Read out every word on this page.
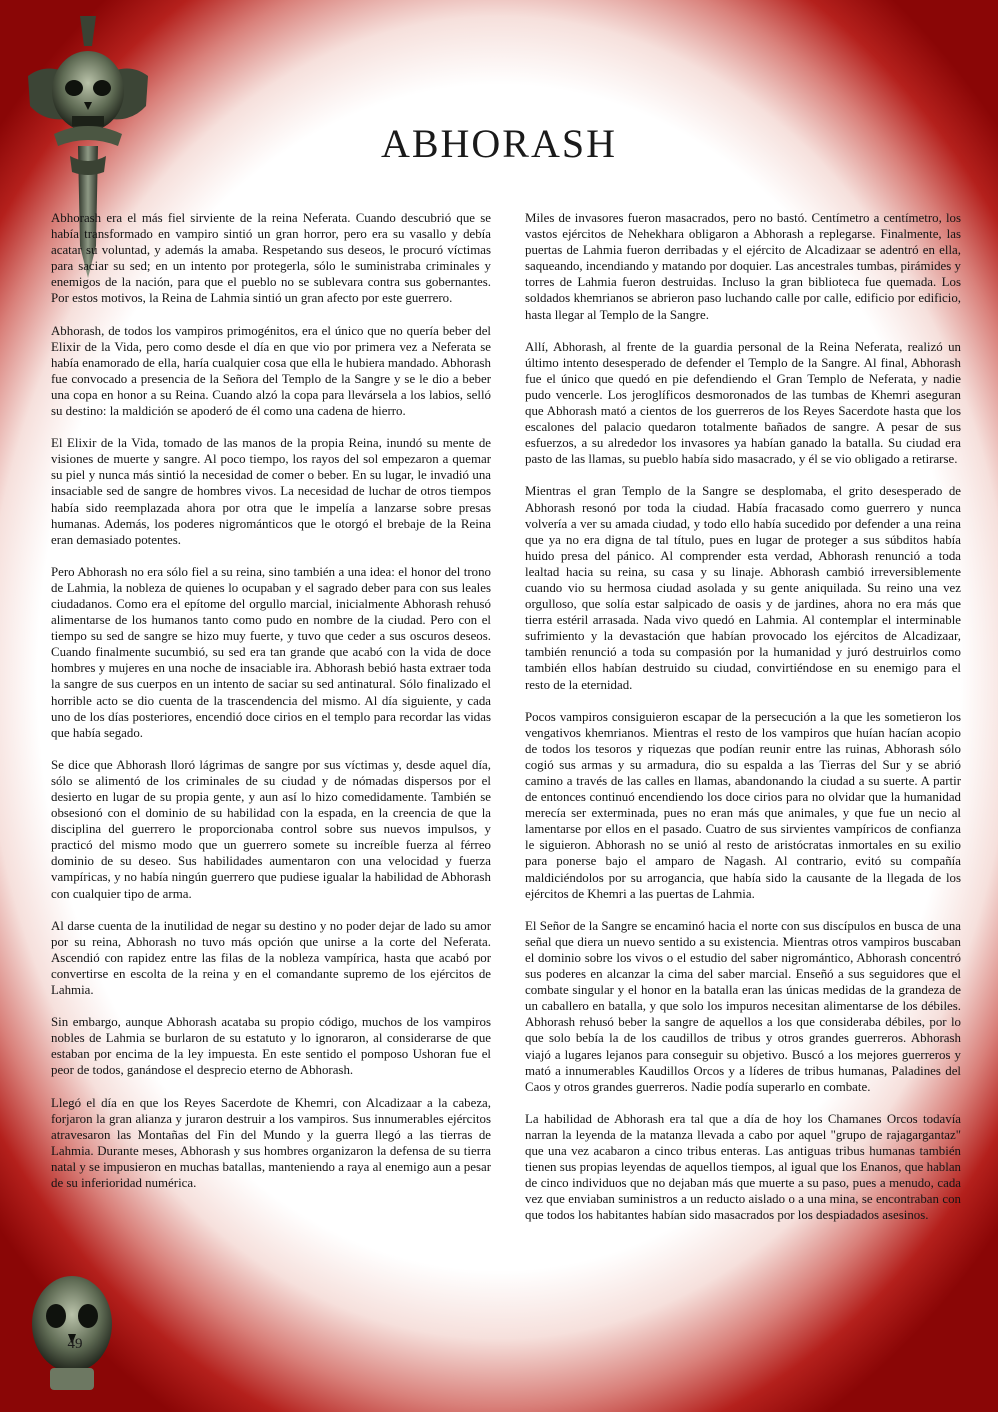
ABHORASH

Abhorash era el más fiel sirviente de la reina Neferata. Cuando descubrió que se había transformado en vampiro sintió un gran horror, pero era su vasallo y debía acatar su voluntad, y además la amaba. Respetando sus deseos, le procuró víctimas para saciar su sed; en un intento por protegerla, sólo le suministraba criminales y enemigos de la nación, para que el pueblo no se sublevara contra sus gobernantes. Por estos motivos, la Reina de Lahmia sintió un gran afecto por este guerrero.

Abhorash, de todos los vampiros primogénitos, era el único que no quería beber del Elixir de la Vida, pero como desde el día en que vio por primera vez a Neferata se había enamorado de ella, haría cualquier cosa que ella le hubiera mandado. Abhorash fue convocado a presencia de la Señora del Templo de la Sangre y se le dio a beber una copa en honor a su Reina. Cuando alzó la copa para llevársela a los labios, selló su destino: la maldición se apoderó de él como una cadena de hierro.

El Elixir de la Vida, tomado de las manos de la propia Reina, inundó su mente de visiones de muerte y sangre. Al poco tiempo, los rayos del sol empezaron a quemar su piel y nunca más sintió la necesidad de comer o beber. En su lugar, le invadió una insaciable sed de sangre de hombres vivos. La necesidad de luchar de otros tiempos había sido reemplazada ahora por otra que le impelía a lanzarse sobre presas humanas. Además, los poderes nigrománticos que le otorgó el brebaje de la Reina eran demasiado potentes.

Pero Abhorash no era sólo fiel a su reina, sino también a una idea: el honor del trono de Lahmia, la nobleza de quienes lo ocupaban y el sagrado deber para con sus leales ciudadanos. Como era el epítome del orgullo marcial, inicialmente Abhorash rehusó alimentarse de los humanos tanto como pudo en nombre de la ciudad. Pero con el tiempo su sed de sangre se hizo muy fuerte, y tuvo que ceder a sus oscuros deseos. Cuando finalmente sucumbió, su sed era tan grande que acabó con la vida de doce hombres y mujeres en una noche de insaciable ira. Abhorash bebió hasta extraer toda la sangre de sus cuerpos en un intento de saciar su sed antinatural. Sólo finalizado el horrible acto se dio cuenta de la trascendencia del mismo. Al día siguiente, y cada uno de los días posteriores, encendió doce cirios en el templo para recordar las vidas que había segado.

Se dice que Abhorash lloró lágrimas de sangre por sus víctimas y, desde aquel día, sólo se alimentó de los criminales de su ciudad y de nómadas dispersos por el desierto en lugar de su propia gente, y aun así lo hizo comedidamente. También se obsesionó con el dominio de su habilidad con la espada, en la creencia de que la disciplina del guerrero le proporcionaba control sobre sus nuevos impulsos, y practicó del mismo modo que un guerrero somete su increíble fuerza al férreo dominio de su deseo. Sus habilidades aumentaron con una velocidad y fuerza vampíricas, y no había ningún guerrero que pudiese igualar la habilidad de Abhorash con cualquier tipo de arma.

Al darse cuenta de la inutilidad de negar su destino y no poder dejar de lado su amor por su reina, Abhorash no tuvo más opción que unirse a la corte del Neferata. Ascendió con rapidez entre las filas de la nobleza vampírica, hasta que acabó por convertirse en escolta de la reina y en el comandante supremo de los ejércitos de Lahmia.

Sin embargo, aunque Abhorash acataba su propio código, muchos de los vampiros nobles de Lahmia se burlaron de su estatuto y lo ignoraron, al considerarse de que estaban por encima de la ley impuesta. En este sentido el pomposo Ushoran fue el peor de todos, ganándose el desprecio eterno de Abhorash.

Llegó el día en que los Reyes Sacerdote de Khemri, con Alcadizaar a la cabeza, forjaron la gran alianza y juraron destruir a los vampiros. Sus innumerables ejércitos atravesaron las Montañas del Fin del Mundo y la guerra llegó a las tierras de Lahmia. Durante meses, Abhorash y sus hombres organizaron la defensa de su tierra natal y se impusieron en muchas batallas, manteniendo a raya al enemigo aun a pesar de su inferioridad numérica.

Miles de invasores fueron masacrados, pero no bastó. Centímetro a centímetro, los vastos ejércitos de Nehekhara obligaron a Abhorash a replegarse. Finalmente, las puertas de Lahmia fueron derribadas y el ejército de Alcadizaar se adentró en ella, saqueando, incendiando y matando por doquier. Las ancestrales tumbas, pirámides y torres de Lahmia fueron destruidas. Incluso la gran biblioteca fue quemada. Los soldados khemrianos se abrieron paso luchando calle por calle, edificio por edificio, hasta llegar al Templo de la Sangre.

Allí, Abhorash, al frente de la guardia personal de la Reina Neferata, realizó un último intento desesperado de defender el Templo de la Sangre. Al final, Abhorash fue el único que quedó en pie defendiendo el Gran Templo de Neferata, y nadie pudo vencerle. Los jeroglíficos desmoronados de las tumbas de Khemri aseguran que Abhorash mató a cientos de los guerreros de los Reyes Sacerdote hasta que los escalones del palacio quedaron totalmente bañados de sangre. A pesar de sus esfuerzos, a su alrededor los invasores ya habían ganado la batalla. Su ciudad era pasto de las llamas, su pueblo había sido masacrado, y él se vio obligado a retirarse.

Mientras el gran Templo de la Sangre se desplomaba, el grito desesperado de Abhorash resonó por toda la ciudad. Había fracasado como guerrero y nunca volvería a ver su amada ciudad, y todo ello había sucedido por defender a una reina que ya no era digna de tal título, pues en lugar de proteger a sus súbditos había huido presa del pánico. Al comprender esta verdad, Abhorash renunció a toda lealtad hacia su reina, su casa y su linaje. Abhorash cambió irreversiblemente cuando vio su hermosa ciudad asolada y su gente aniquilada. Su reino una vez orgulloso, que solía estar salpicado de oasis y de jardines, ahora no era más que tierra estéril arrasada. Nada vivo quedó en Lahmia. Al contemplar el interminable sufrimiento y la devastación que habían provocado los ejércitos de Alcadizaar, también renunció a toda su compasión por la humanidad y juró destruirlos como también ellos habían destruido su ciudad, convirtiéndose en su enemigo para el resto de la eternidad.

Pocos vampiros consiguieron escapar de la persecución a la que les sometieron los vengativos khemrianos. Mientras el resto de los vampiros que huían hacían acopio de todos los tesoros y riquezas que podían reunir entre las ruinas, Abhorash sólo cogió sus armas y su armadura, dio su espalda a las Tierras del Sur y se abrió camino a través de las calles en llamas, abandonando la ciudad a su suerte. A partir de entonces continuó encendiendo los doce cirios para no olvidar que la humanidad merecía ser exterminada, pues no eran más que animales, y que fue un necio al lamentarse por ellos en el pasado. Cuatro de sus sirvientes vampíricos de confianza le siguieron. Abhorash no se unió al resto de aristócratas inmortales en su exilio para ponerse bajo el amparo de Nagash. Al contrario, evitó su compañía maldiciéndolos por su arrogancia, que había sido la causante de la llegada de los ejércitos de Khemri a las puertas de Lahmia.

El Señor de la Sangre se encaminó hacia el norte con sus discípulos en busca de una señal que diera un nuevo sentido a su existencia. Mientras otros vampiros buscaban el dominio sobre los vivos o el estudio del saber nigromántico, Abhorash concentró sus poderes en alcanzar la cima del saber marcial. Enseñó a sus seguidores que el combate singular y el honor en la batalla eran las únicas medidas de la grandeza de un caballero en batalla, y que solo los impuros necesitan alimentarse de los débiles. Abhorash rehusó beber la sangre de aquellos a los que consideraba débiles, por lo que solo bebía la de los caudillos de tribus y otros grandes guerreros. Abhorash viajó a lugares lejanos para conseguir su objetivo. Buscó a los mejores guerreros y mató a innumerables Kaudillos Orcos y a líderes de tribus humanas, Paladines del Caos y otros grandes guerreros. Nadie podía superarlo en combate.

La habilidad de Abhorash era tal que a día de hoy los Chamanes Orcos todavía narran la leyenda de la matanza llevada a cabo por aquel "grupo de rajagargantaz" que una vez acabaron a cinco tribus enteras. Las antiguas tribus humanas también tienen sus propias leyendas de aquellos tiempos, al igual que los Enanos, que hablan de cinco individuos que no dejaban más que muerte a su paso, pues a menudo, cada vez que enviaban suministros a un reducto aislado o a una mina, se encontraban con que todos los habitantes habían sido masacrados por los despiadados asesinos.

49
